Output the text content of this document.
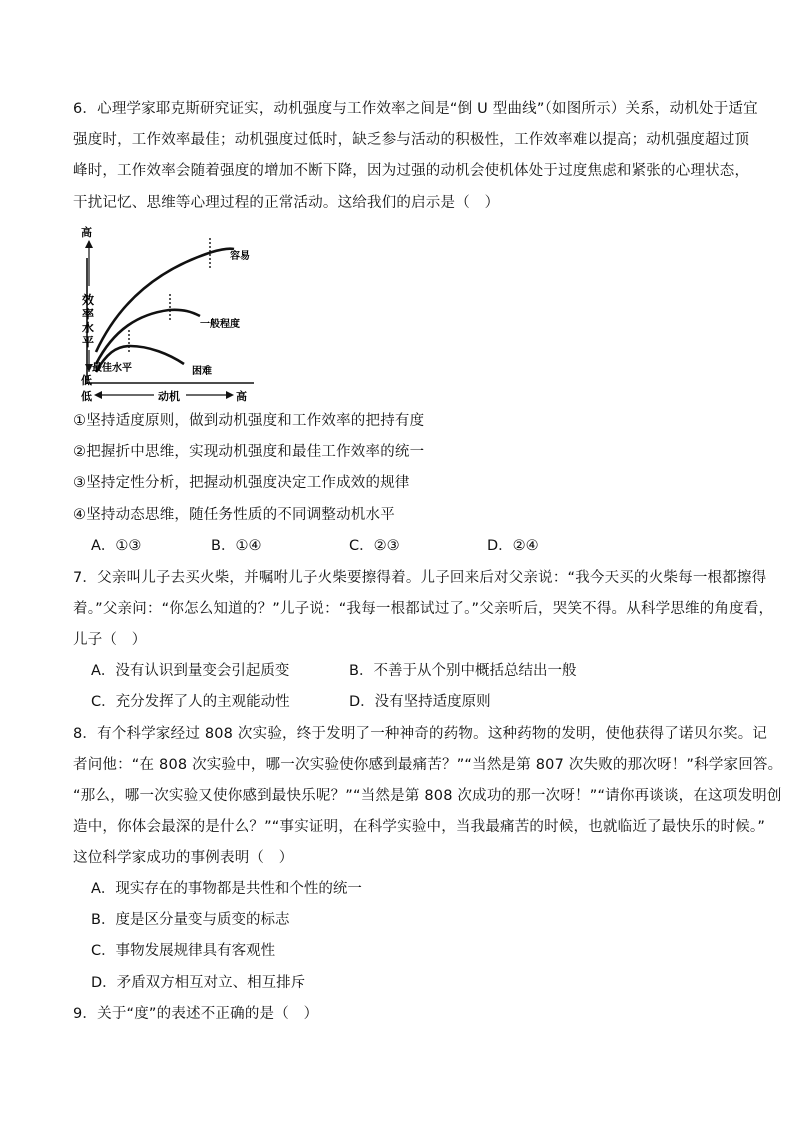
6．心理学家耶克斯研究证实，动机强度与工作效率之间是“倒 U 型曲线”（如图所示）关系，动机处于适宜
强度时，工作效率最佳；动机强度过低时，缺乏参与活动的积极性，工作效率难以提高；动机强度超过顶
峰时，工作效率会随着强度的增加不断下降，因为过强的动机会使机体处于过度焦虑和紧张的心理状态，
干扰记忆、思维等心理过程的正常活动。这给我们的启示是（　）
高
效
率
水
平
低
低	动机	高
容易
一般程度
最佳水平	困难
①坚持适度原则，做到动机强度和工作效率的把持有度
②把握折中思维，实现动机强度和最佳工作效率的统一
③坚持定性分析，把握动机强度决定工作成效的规律
④坚持动态思维，随任务性质的不同调整动机水平
A．①③	B．①④	C．②③	D．②④
7．父亲叫儿子去买火柴，并嘱咐儿子火柴要擦得着。儿子回来后对父亲说：“我今天买的火柴每一根都擦得
着。”父亲问：“你怎么知道的？”儿子说：“我每一根都试过了。”父亲听后，哭笑不得。从科学思维的角度看，
儿子（　）
A．没有认识到量变会引起质变	B．不善于从个别中概括总结出一般
C．充分发挥了人的主观能动性	D．没有坚持适度原则
8．有个科学家经过 808 次实验，终于发明了一种神奇的药物。这种药物的发明，使他获得了诺贝尔奖。记
者问他：“在 808 次实验中，哪一次实验使你感到最痛苦？”“当然是第 807 次失败的那次呀！”科学家回答。
“那么，哪一次实验又使你感到最快乐呢？”“当然是第 808 次成功的那一次呀！”“请你再谈谈，在这项发明创
造中，你体会最深的是什么？”“事实证明，在科学实验中，当我最痛苦的时候，也就临近了最快乐的时候。”
这位科学家成功的事例表明（　）
A．现实存在的事物都是共性和个性的统一
B．度是区分量变与质变的标志
C．事物发展规律具有客观性
D．矛盾双方相互对立、相互排斥
9．关于“度”的表述不正确的是（　）
